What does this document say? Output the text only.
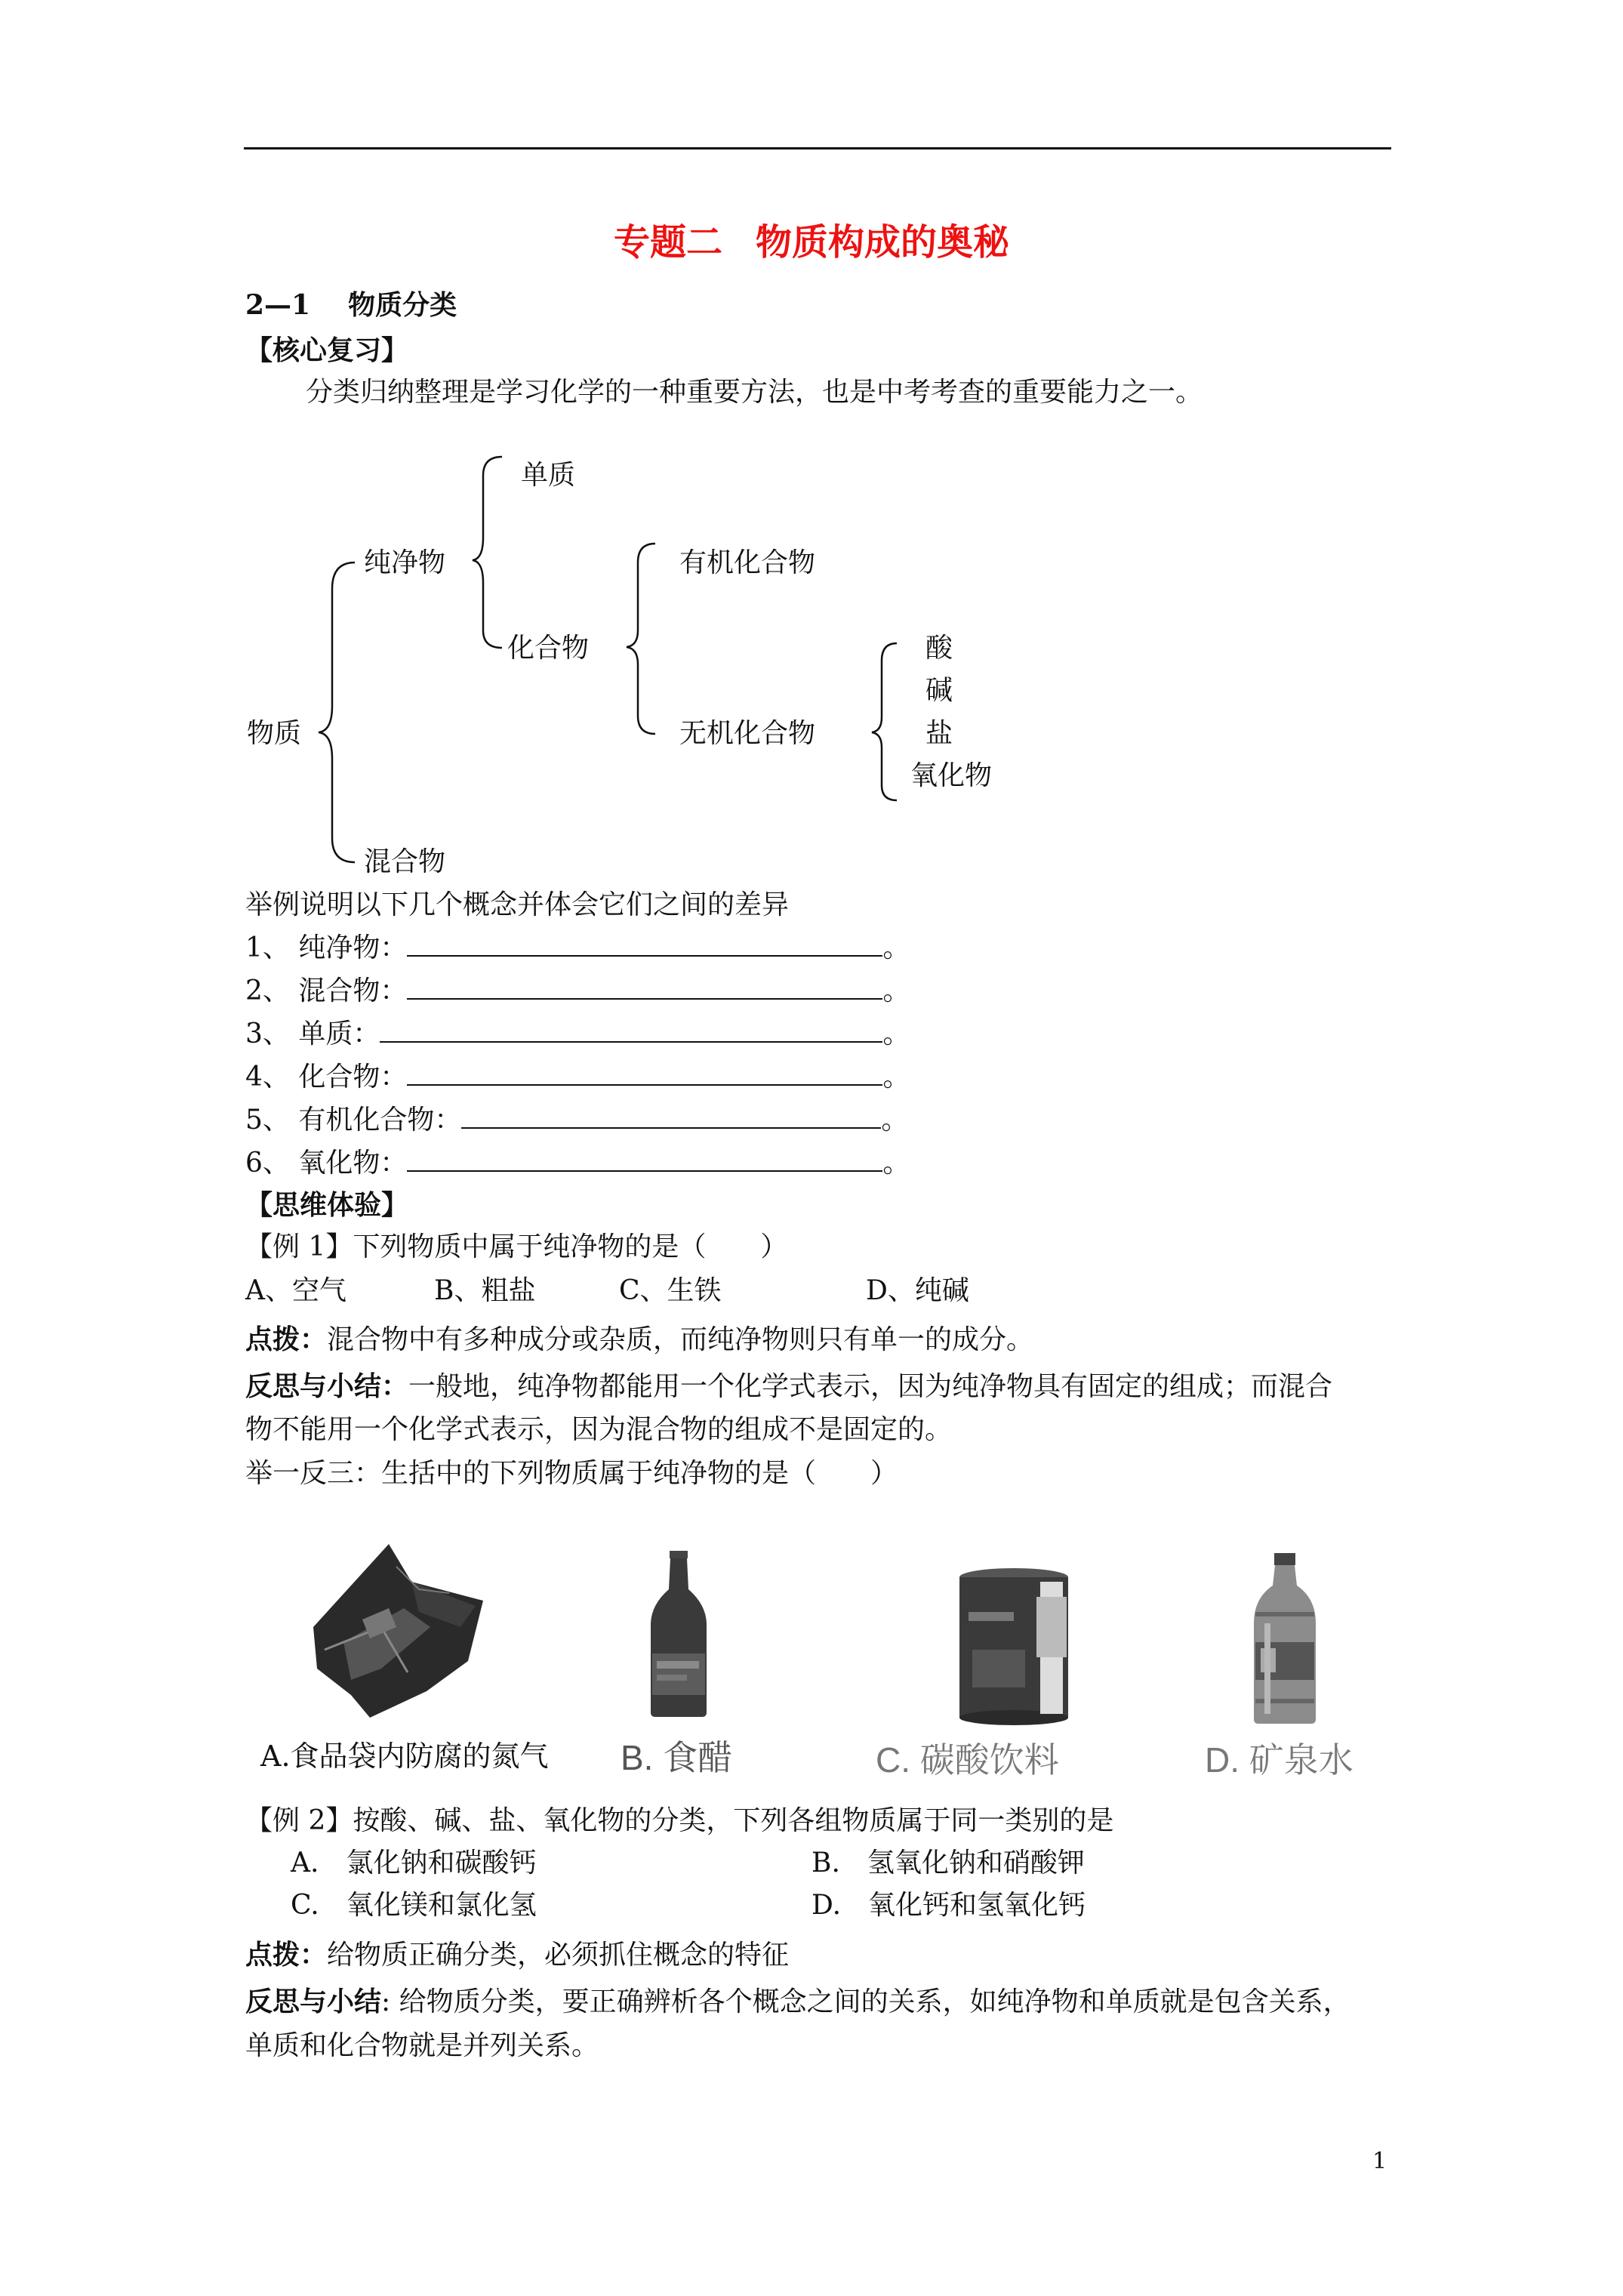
专题二 物质构成的奥秘
2—1 物质分类
【核心复习】
分类归纳整理是学习化学的一种重要方法，也是中考考查的重要能力之一。
单质
纯净物	有机化合物
化合物	酸
碱
物质	无机化合物	盐
氧化物
混合物
举例说明以下几个概念并体会它们之间的差异
1、 纯净物：	。
2、 混合物：	。
3、 单质：	。
4、 化合物：	。
5、 有机化合物：	。
6、 氧化物：	。
【思维体验】
【例 1】下列物质中属于纯净物的是（　　）
A、空气	B、粗盐	C、生铁	D、纯碱
点拨：混合物中有多种成分或杂质，而纯净物则只有单一的成分。
反思与小结：一般地，纯净物都能用一个化学式表示，因为纯净物具有固定的组成；而混合
物不能用一个化学式表示，因为混合物的组成不是固定的。
举一反三：生括中的下列物质属于纯净物的是（　　）
A.食品袋内防腐的氮气 B. 食醋	C. 碳酸饮料	D. 矿泉水
【例 2】按酸、碱、盐、氧化物的分类，下列各组物质属于同一类别的是
A.　氯化钠和碳酸钙	B.　氢氧化钠和硝酸钾
C.　氧化镁和氯化氢	D.　氧化钙和氢氧化钙
点拨：给物质正确分类，必须抓住概念的特征
反思与小结: 给物质分类，要正确辨析各个概念之间的关系，如纯净物和单质就是包含关系，
单质和化合物就是并列关系。
1
